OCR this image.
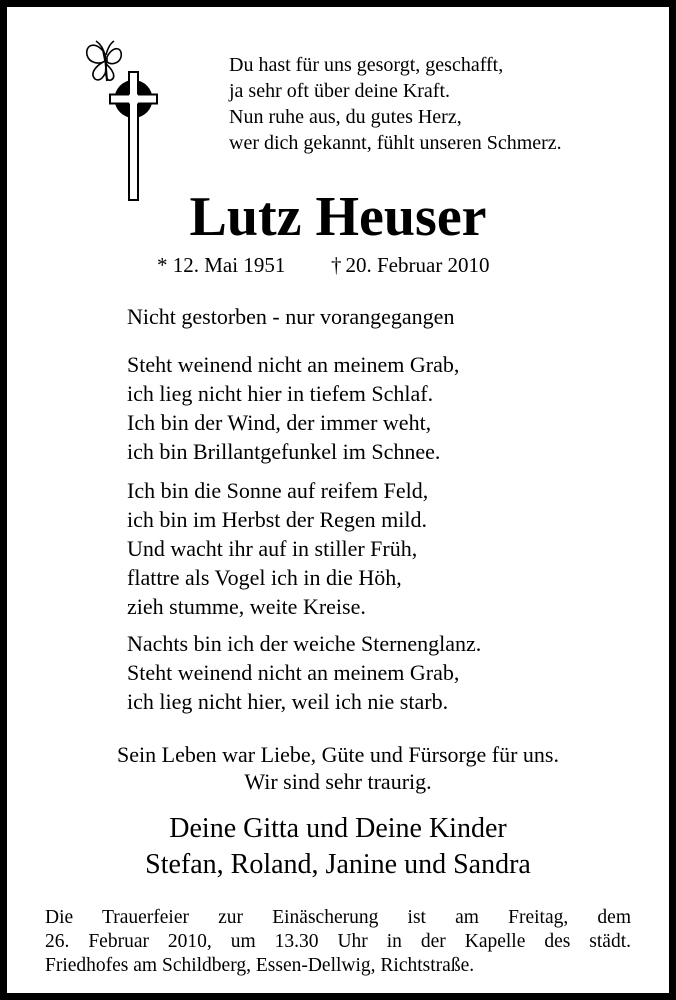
Du hast für uns gesorgt, geschafft,
ja sehr oft über deine Kraft.
Nun ruhe aus, du gutes Herz,
wer dich gekannt, fühlt unseren Schmerz.
Lutz Heuser
* 12. Mai 1951 † 20. Februar 2010
Nicht gestorben - nur vorangegangen
Steht weinend nicht an meinem Grab,
ich lieg nicht hier in tiefem Schlaf.
Ich bin der Wind, der immer weht,
ich bin Brillantgefunkel im Schnee.
Ich bin die Sonne auf reifem Feld,
ich bin im Herbst der Regen mild.
Und wacht ihr auf in stiller Früh,
flattre als Vogel ich in die Höh,
zieh stumme, weite Kreise.
Nachts bin ich der weiche Sternenglanz.
Steht weinend nicht an meinem Grab,
ich lieg nicht hier, weil ich nie starb.
Sein Leben war Liebe, Güte und Fürsorge für uns.
Wir sind sehr traurig.
Deine Gitta und Deine Kinder
Stefan, Roland, Janine und Sandra
Die Trauerfeier zur Einäscherung ist am Freitag, dem
26. Februar 2010, um 13.30 Uhr in der Kapelle des städt.
Friedhofes am Schildberg, Essen-Dellwig, Richtstraße.
